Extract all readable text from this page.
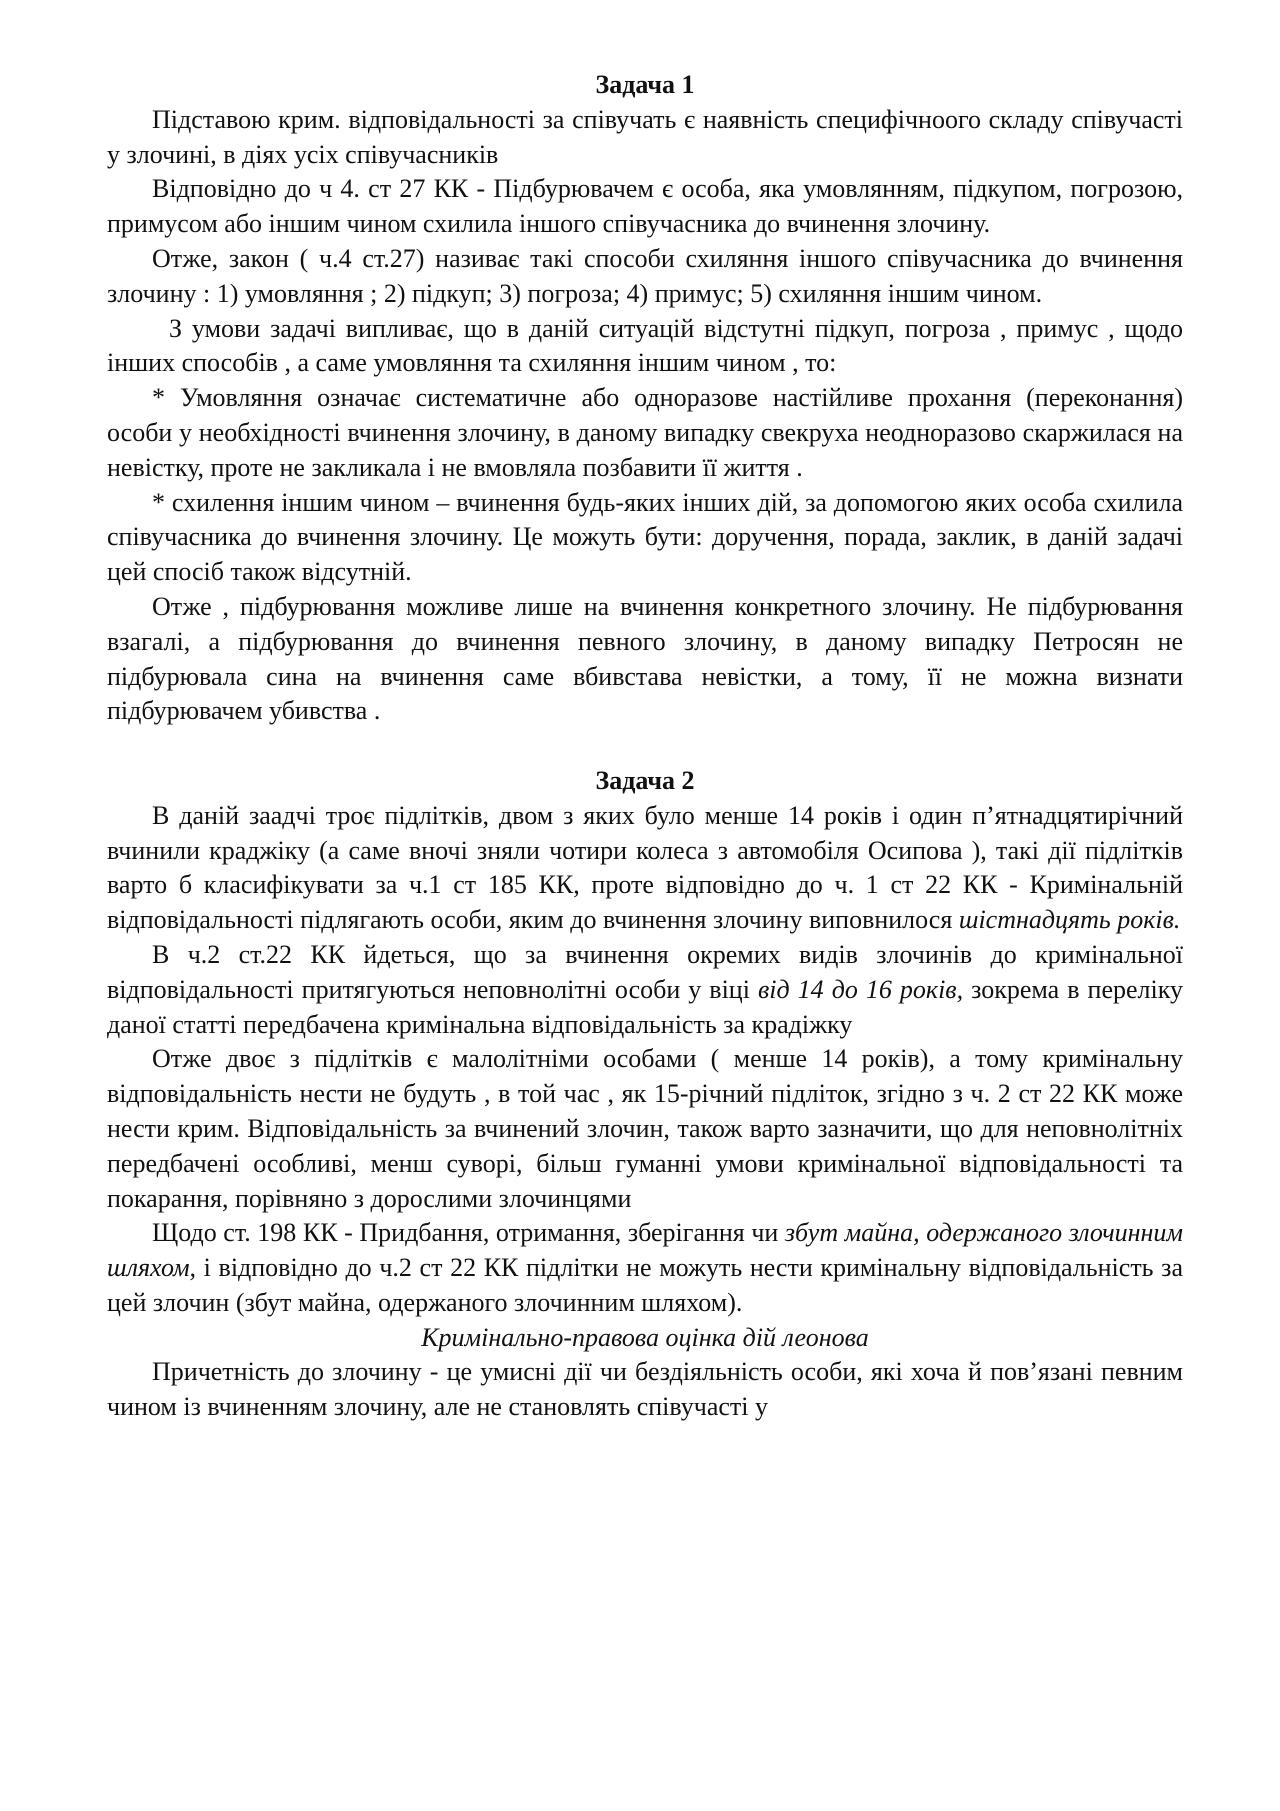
Задача 1

Підставою крим. відповідальності за співучать є наявність специфічноого складу співучасті у злочині, в діях усіх співучасників

Відповідно до ч 4. ст 27 КК - Підбурювачем є особа, яка умовлянням, підкупом, погрозою, примусом або іншим чином схилила іншого співучасника до вчинення злочину.

Отже, закон ( ч.4 ст.27) називає такі способи схиляння іншого співучасника до вчинення злочину : 1) умовляння ; 2) підкуп; 3) погроза; 4) примус; 5) схиляння іншим чином.

З умови задачі випливає, що в даній ситуацій відстутні підкуп, погроза , примус , щодо інших способів , а саме умовляння та схиляння іншим чином , то:

* Умовляння означає систематичне або одноразове настійливе прохання (переконання) особи у необхідності вчинення злочину, в даному випадку свекруха неодноразово скаржилася на невістку, проте не закликала і не вмовляла позбавити її життя .

* схилення іншим чином – вчинення будь-яких інших дій, за допомогою яких особа схилила співучасника до вчинення злочину. Це можуть бути: доручення, порада, заклик, в даній задачі цей спосіб також відсутній.

Отже , підбурювання можливе лише на вчинення конкретного злочину. Не підбурювання взагалі, а підбурювання до вчинення певного злочину, в даному випадку Петросян не підбурювала сина на вчинення саме вбивстава невістки, а тому, її не можна визнати підбурювачем убивства .

Задача 2

В даній заадчі троє підлітків, двом з яких було менше 14 років і один п’ятнадцятирічний вчинили краджіку (а саме вночі зняли чотири колеса з автомобіля Осипова ), такі дії підлітків варто б класифікувати за ч.1 ст 185 КК, проте відповідно до ч. 1 ст 22 КК - Кримінальній відповідальності підлягають особи, яким до вчинення злочину виповнилося шістнадцять років.

В ч.2 ст.22 КК йдеться, що за вчинення окремих видів злочинів до кримінальної відповідальності притягуються неповнолітні особи у віці від 14 до 16 років, зокрема в переліку даної статті передбачена кримінальна відповідальність за крадіжку

Отже двоє з підлітків є малолітніми особами ( менше 14 років), а тому кримінальну відповідальність нести не будуть , в той час , як 15-річний підліток, згідно з ч. 2 ст 22 КК може нести крим. Відповідальність за вчинений злочин, також варто зазначити, що для неповнолітніх передбачені особливі, менш суворі, більш гуманні умови кримінальної відповідальності та покарання, порівняно з дорослими злочинцями

Щодо ст. 198 КК - Придбання, отримання, зберігання чи збут майна, одержаного злочинним шляхом, і відповідно до ч.2 ст 22 КК підлітки не можуть нести кримінальну відповідальність за цей злочин (збут майна, одержаного злочинним шляхом).

Кримінально-правова оцінка дій леонова

Причетність до злочину - це умисні дії чи бездіяльність особи, які хоча й пов’язані певним чином із вчиненням злочину, але не становлять співучасті у
